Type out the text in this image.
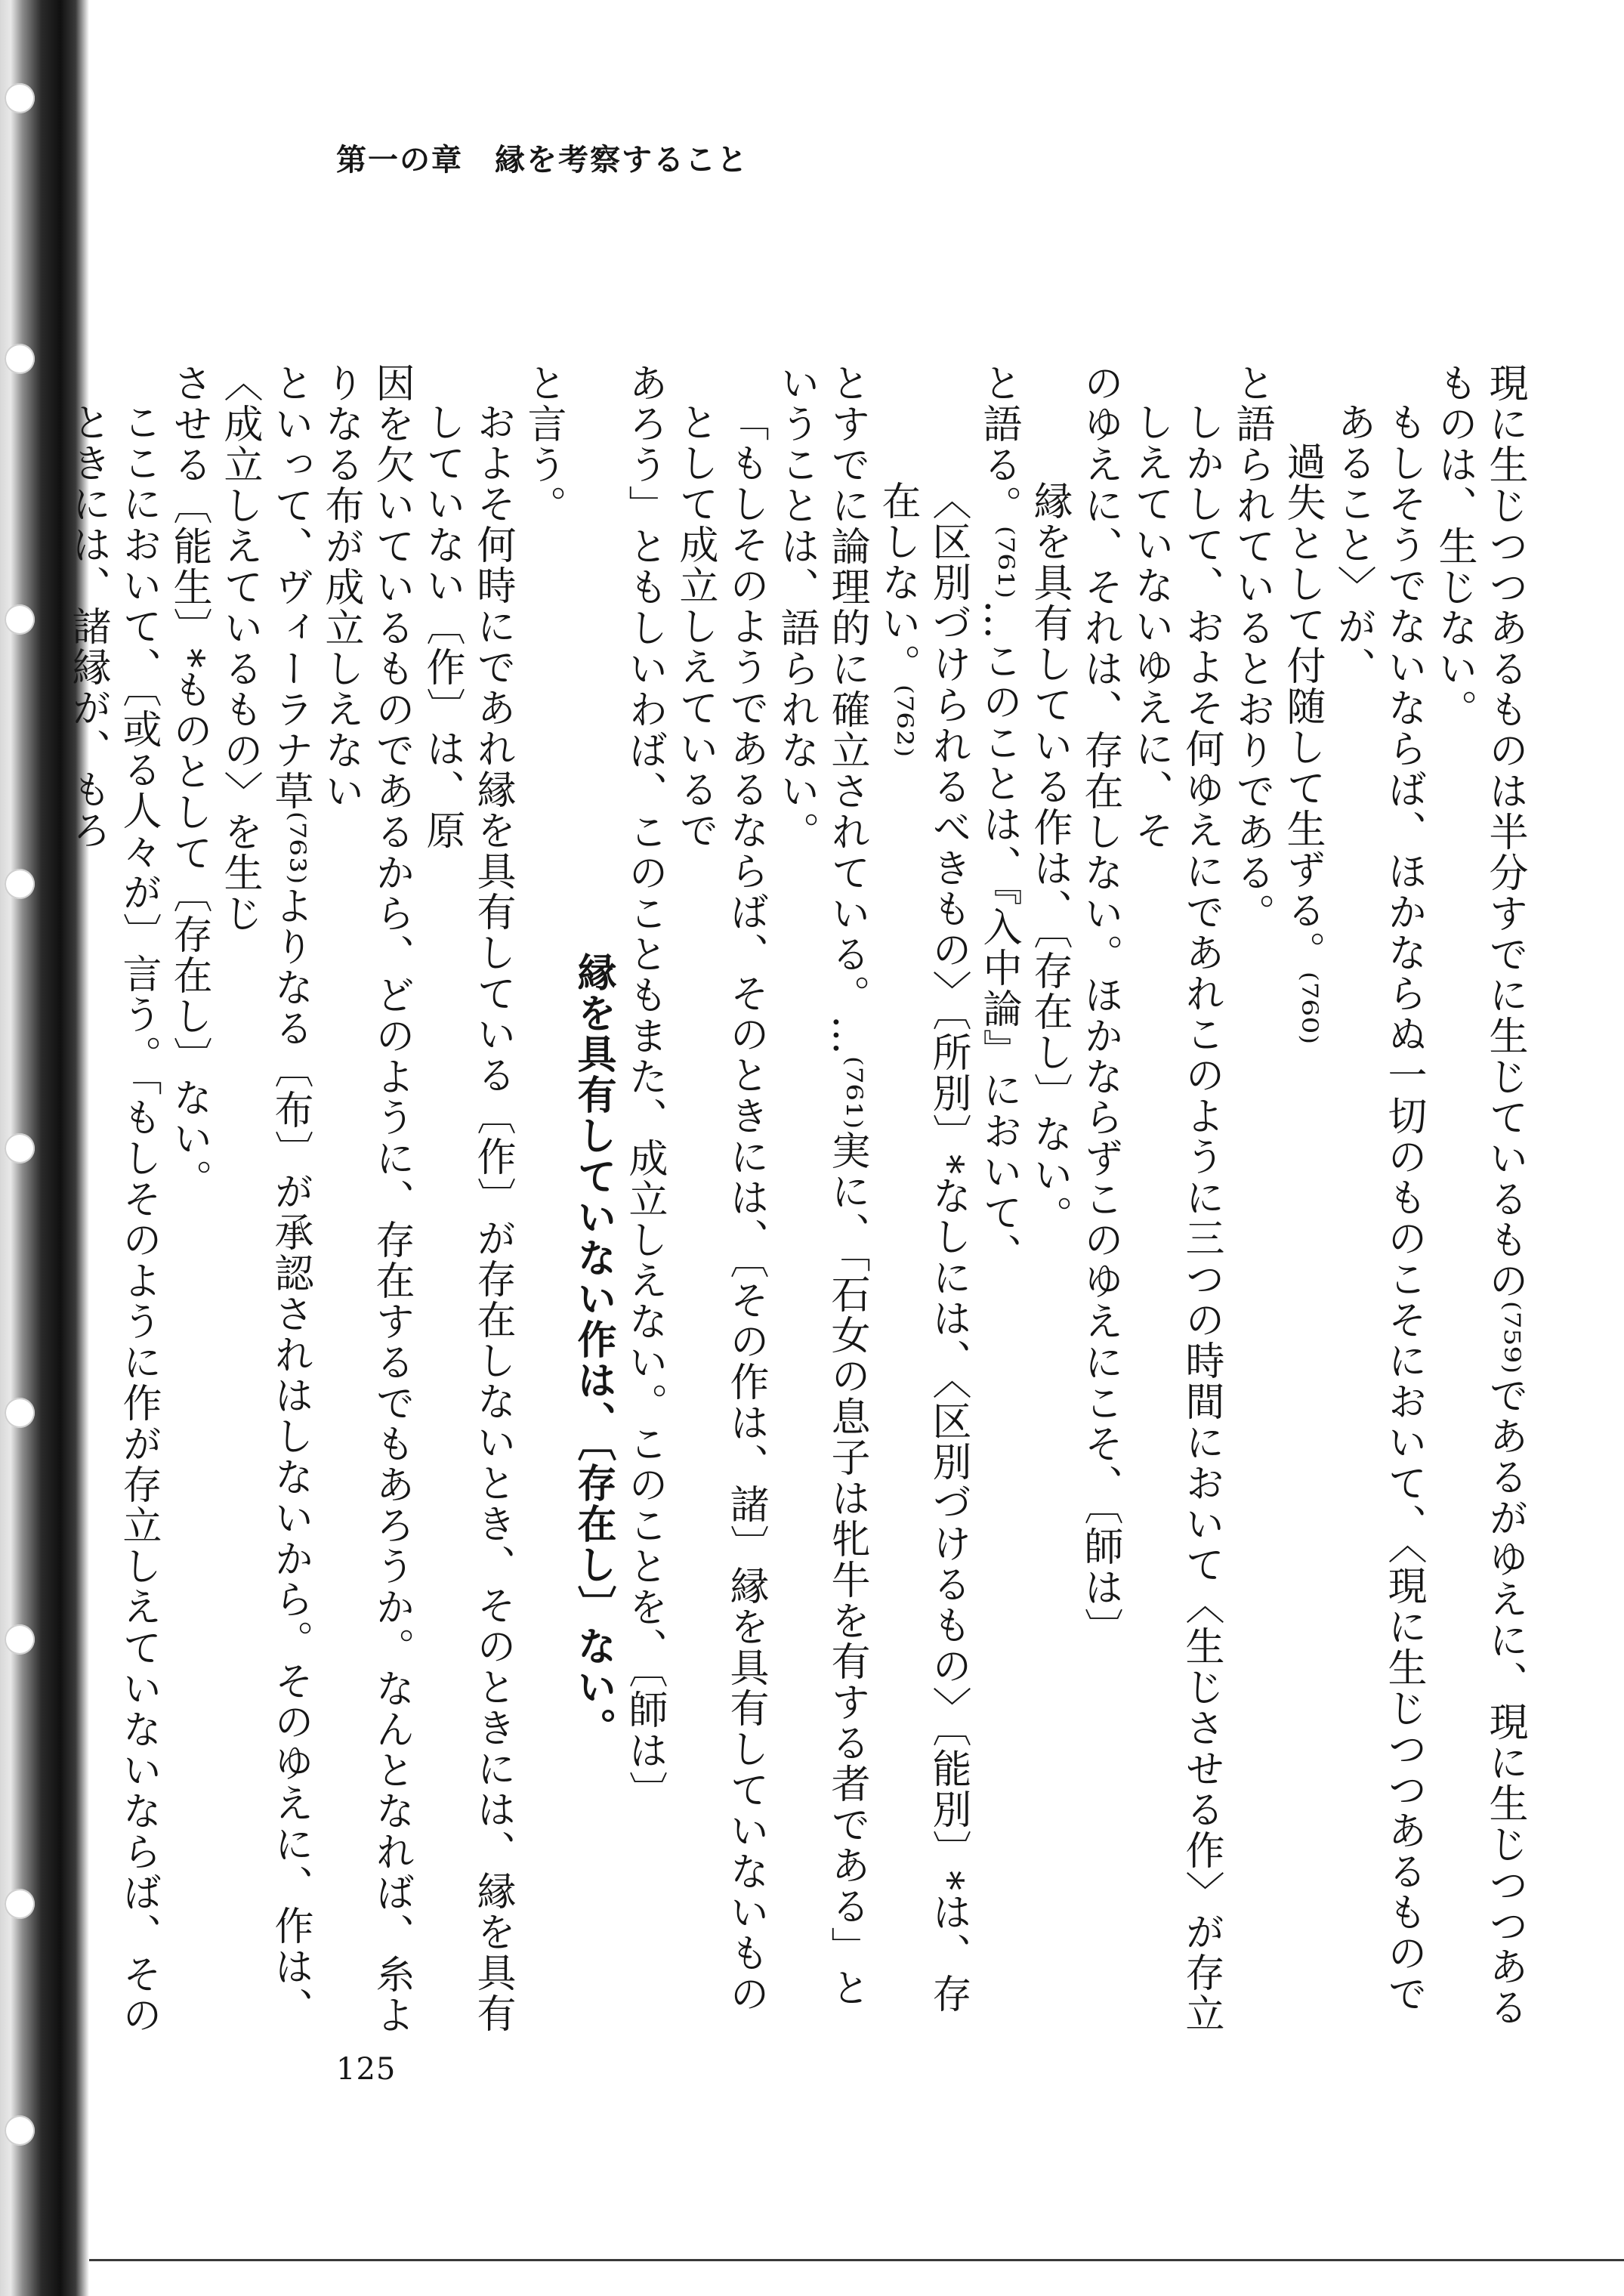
第一の章　縁を考察すること

現に生じつつあるものは半分すでに生じているもの⁽⁷⁵⁹⁾であるがゆえに、現に生じつつあるものは、生じない。

もしそうでないならば、ほかならぬ一切のものこそにおいて、〈現に生じつつあるものであること〉が、

過失として付随して生ずる。⁽⁷⁶⁰⁾

と語られているとおりである。

しかして、およそ何ゆえにであれこのように三つの時間において〈生じさせる作〉が存立しえていないゆえに、そ

のゆえに、それは、存在しない。ほかならずこのゆえにこそ、〔師は〕

縁を具有している作は、〔存在し〕ない。

と語る。⁽⁷⁶¹⁾…このことは、『入中論』において、

〈区別づけられるべきもの〉〔所別〕*なしには、〈区別づけるもの〉〔能別〕*は、存在しない。⁽⁷⁶²⁾

とすでに論理的に確立されている。…⁽⁷⁶¹⁾実に、「石女の息子は牝牛を有する者である」ということは、語られない。

「もしそのようであるならば、そのときには、〔その作は、諸〕縁を具有していないものとして成立しえているで

あろう」ともしいわば、このこともまた、成立しえない。このことを、〔師は〕

縁を具有していない作は、〔存在し〕ない。

と言う。

およそ何時にであれ縁を具有している〔作〕が存在しないとき、そのときには、縁を具有していない〔作〕は、原

因を欠いているものであるから、どのように、存在するでもあろうか。なんとなれば、糸よりなる布が成立しえない

といって、ヴィーラナ草⁽⁷⁶³⁾よりなる〔布〕が承認されはしないから。そのゆえに、作は、〈成立しえているもの〉を生じ

させる〔能生〕*ものとして〔存在し〕ない。

ここにおいて、〔或る人々が〕言う。「もしそのように作が存立しえていないならば、そのときには、諸縁が、もろ

125
